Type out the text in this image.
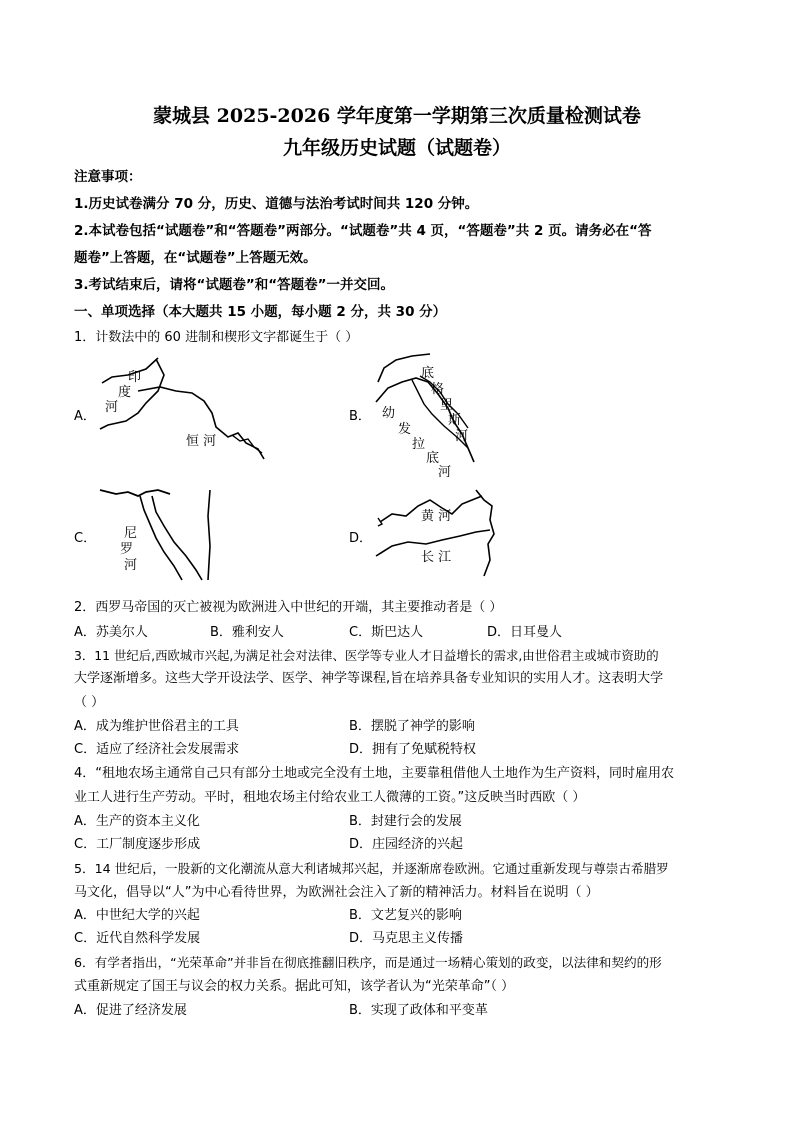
蒙城县 2025-2026 学年度第一学期第三次质量检测试卷
九年级历史试题（试题卷）
注意事项：
1.历史试卷满分 70 分，历史、道德与法治考试时间共 120 分钟。
2.本试卷包括“试题卷”和“答题卷”两部分。“试题卷”共 4 页，“答题卷”共 2 页。请务必在“答
题卷”上答题，在“试题卷”上答题无效。
3.考试结束后，请将“试题卷”和“答题卷”一并交回。
一、单项选择（本大题共 15 小题，每小题 2 分，共 30 分）
1．计数法中的 60 进制和楔形文字都诞生于（ ）
A．
印
度
河
恒 河
B．
底
格
里
斯
河
幼
发
拉
底
河
C． 尼
罗
河
D．
黄 河
长 江
2．西罗马帝国的灭亡被视为欧洲进入中世纪的开端，其主要推动者是（ ）
A．苏美尔人	B．雅利安人	C．斯巴达人	D．日耳曼人
3．11 世纪后,西欧城市兴起,为满足社会对法律、医学等专业人才日益增长的需求,由世俗君主或城市资助的
大学逐渐增多。这些大学开设法学、医学、神学等课程,旨在培养具备专业知识的实用人才。这表明大学
（ ）
A．成为维护世俗君主的工具	B．摆脱了神学的影响
C．适应了经济社会发展需求	D．拥有了免赋税特权
4．“租地农场主通常自己只有部分土地或完全没有土地，主要靠租借他人土地作为生产资料，同时雇用农
业工人进行生产劳动。平时，租地农场主付给农业工人微薄的工资。”这反映当时西欧（ ）
A．生产的资本主义化	B．封建行会的发展
C．工厂制度逐步形成	D．庄园经济的兴起
5．14 世纪后，一股新的文化潮流从意大利诸城邦兴起，并逐渐席卷欧洲。它通过重新发现与尊崇古希腊罗
马文化，倡导以“人”为中心看待世界，为欧洲社会注入了新的精神活力。材料旨在说明（ ）
A．中世纪大学的兴起	B．文艺复兴的影响
C．近代自然科学发展	D．马克思主义传播
6．有学者指出，“光荣革命”并非旨在彻底推翻旧秩序，而是通过一场精心策划的政变，以法律和契约的形
式重新规定了国王与议会的权力关系。据此可知，该学者认为“光荣革命”（ ）
A．促进了经济发展	B．实现了政体和平变革
